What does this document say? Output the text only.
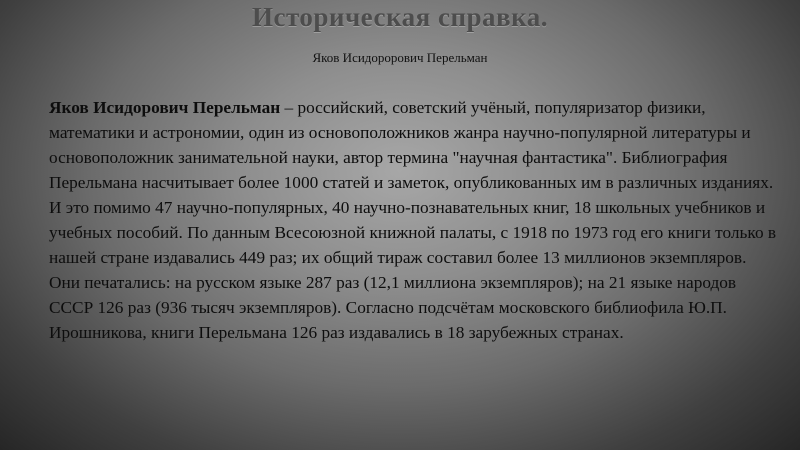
Историческая справка.
Яков Исидорорович Перельман

Яков Исидорович Перельман – российский, советский учёный, популяризатор физики, математики и астрономии, один из основоположников жанра научно-популярной литературы и основоположник занимательной науки, автор термина "научная фантастика". Библиография Перельмана насчитывает более 1000 статей и заметок, опубликованных им в различных изданиях. И это помимо 47 научно-популярных, 40 научно-познавательных книг, 18 школьных учебников и учебных пособий. По данным Всесоюзной книжной палаты, с 1918 по 1973 год его книги только в нашей стране издавались 449 раз; их общий тираж составил более 13 миллионов экземпляров. Они печатались: на русском языке 287 раз (12,1 миллиона экземпляров); на 21 языке народов СССР 126 раз (936 тысяч экземпляров). Согласно подсчётам московского библиофила Ю.П. Ирошникова, книги Перельмана 126 раз издавались в 18 зарубежных странах.
